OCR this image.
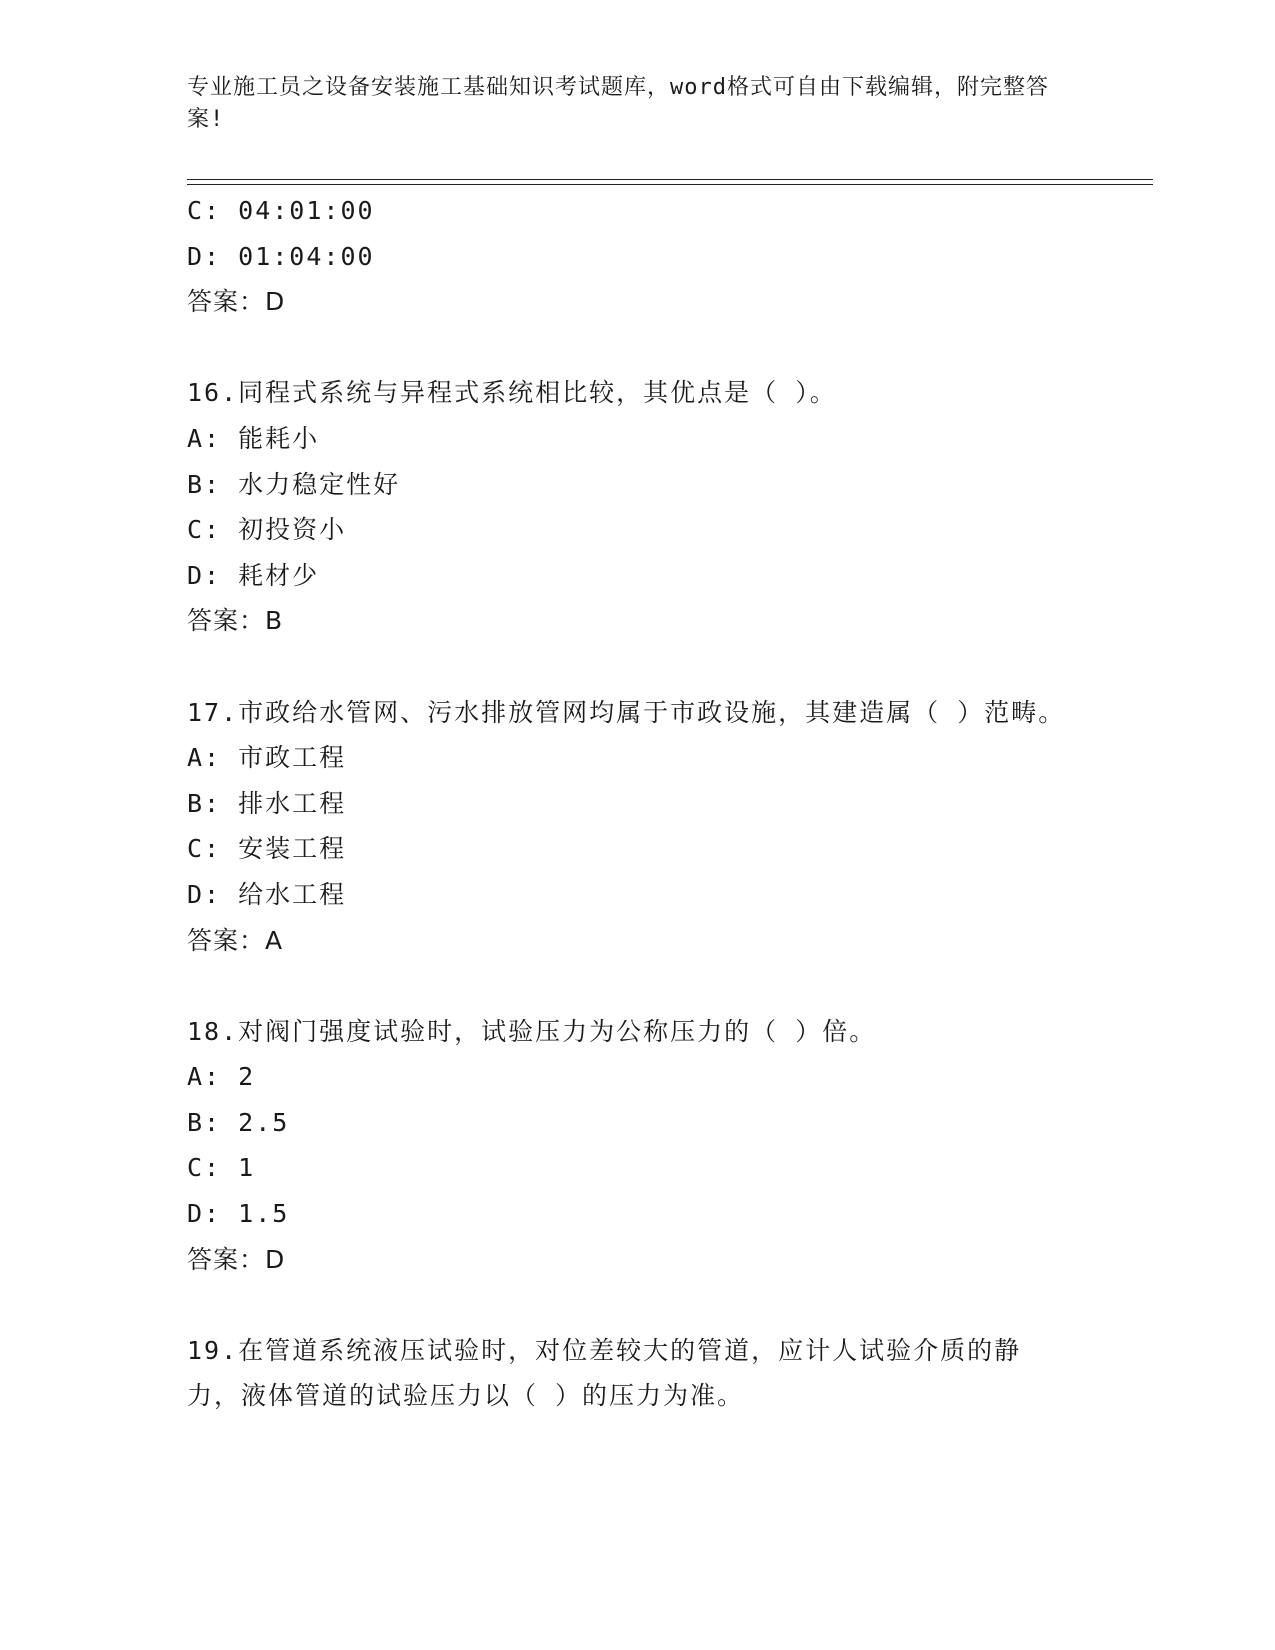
专业施工员之设备安装施工基础知识考试题库，word格式可自由下载编辑，附完整答案!
C: 04:01:00
D: 01:04:00
答案：D
16.同程式系统与异程式系统相比较，其优点是（ ）。
A: 能耗小
B: 水力稳定性好
C: 初投资小
D: 耗材少
答案：B
17.市政给水管网、污水排放管网均属于市政设施，其建造属（ ）范畴。
A: 市政工程
B: 排水工程
C: 安装工程
D: 给水工程
答案：A
18.对阀门强度试验时，试验压力为公称压力的（ ）倍。
A: 2
B: 2.5
C: 1
D: 1.5
答案：D
19.在管道系统液压试验时，对位差较大的管道，应计人试验介质的静力，液体管道的试验压力以（ ）的压力为准。
